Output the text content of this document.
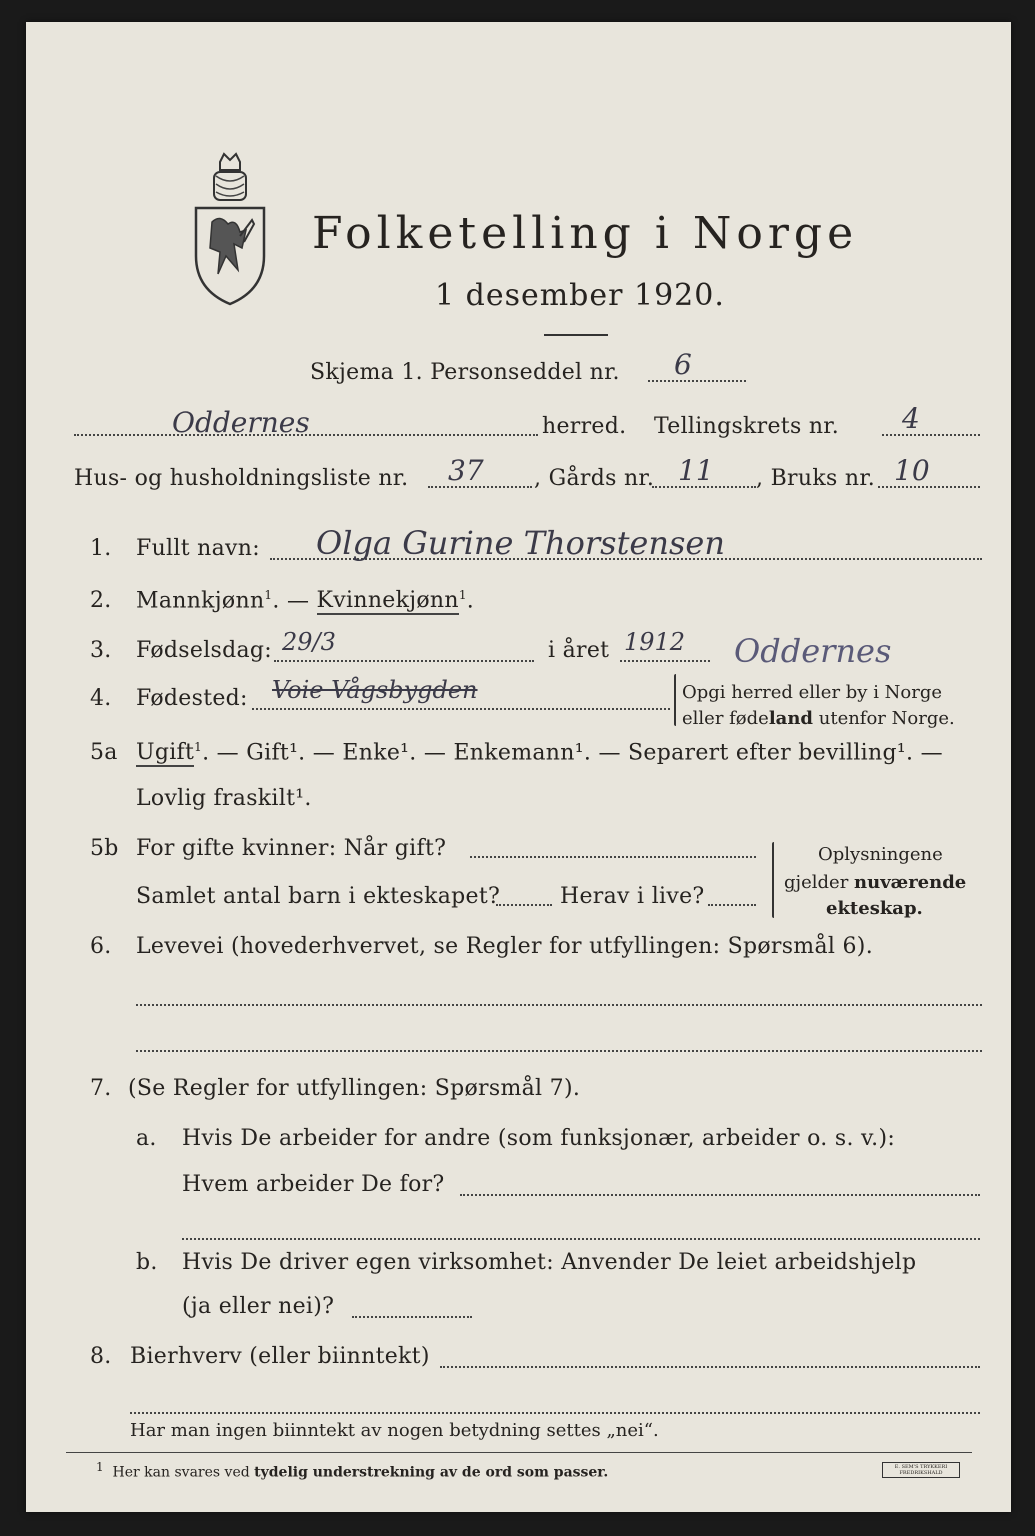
Folketelling i Norge
1 desember 1920.
Skjema 1. Personseddel nr. 6
Oddernes	herred. Tellingskrets nr. 4
Hus- og husholdningsliste nr. 37 , Gårds nr. 11 , Bruks nr. 10
1. Fullt navn: Olga Gurine Thorstensen
2. Mannkjønn$^1$. — Kvinnekjønn$^1$.
3. Fødselsdag: 29/3	i året 1912 Oddernes
4. Fødested: Voie Vågsbygden	Opgi herred eller by i Norge
eller fødeland utenfor Norge.
5a Ugift$^1$. — Gift¹. — Enke¹. — Enkemann¹. — Separert efter bevilling¹. —
Lovlig fraskilt¹.
5b For gifte kvinner: Når gift?
Samlet antal barn i ekteskapet?	Herav i live?
Oplysningene
gjelder nuværende
ekteskap.
6. Levevei (hovederhvervet, se Regler for utfyllingen: Spørsmål 6).
7. (Se Regler for utfyllingen: Spørsmål 7).
a. Hvis De arbeider for andre (som funksjonær, arbeider o. s. v.):
Hvem arbeider De for?
b. Hvis De driver egen virksomhet: Anvender De leiet arbeidshjelp
(ja eller nei)?
8. Bierhverv (eller biinntekt)
Har man ingen biinntekt av nogen betydning settes „nei“.
1 Her kan svares ved tydelig understrekning av de ord som passer.	E. SEM'S TRYKKERI FREDRIKSHALD
